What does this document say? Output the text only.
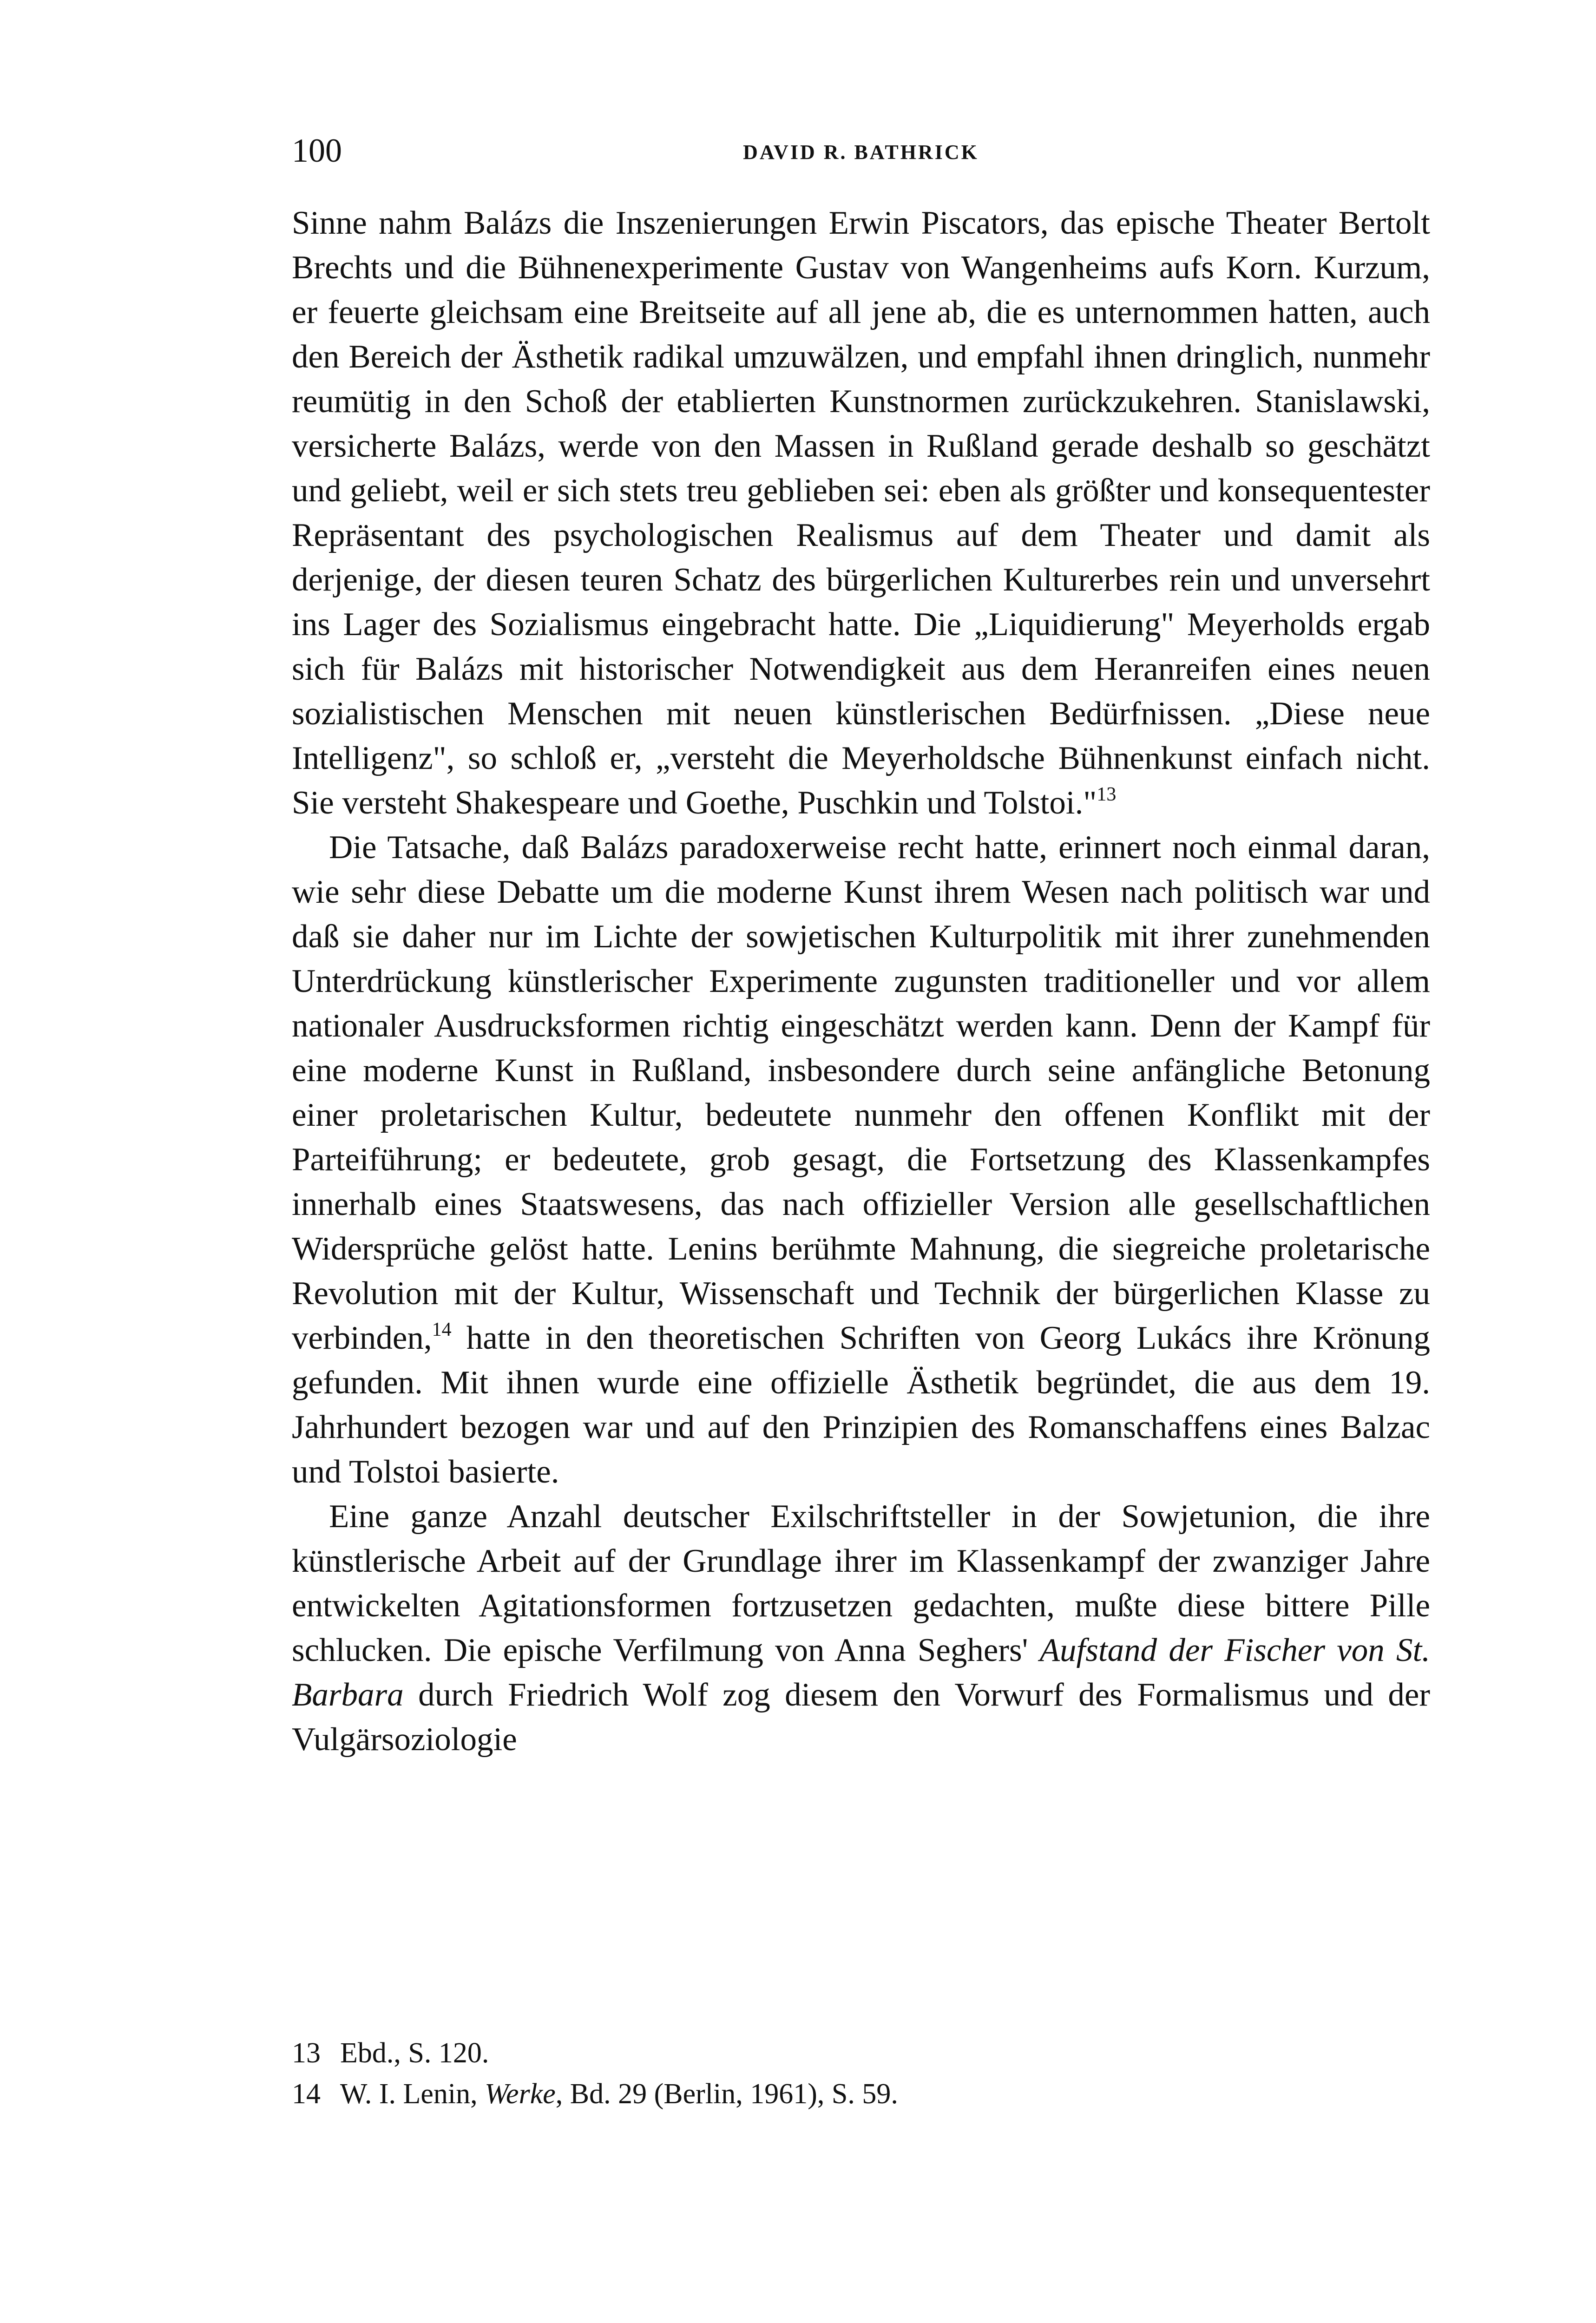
100	DAVID R. BATHRICK

Sinne nahm Balázs die Inszenierungen Erwin Piscators, das epische Theater Bertolt Brechts und die Bühnenexperimente Gustav von Wangenheims aufs Korn. Kurzum, er feuerte gleichsam eine Breitseite auf all jene ab, die es unternommen hatten, auch den Bereich der Ästhetik radikal umzuwälzen, und empfahl ihnen dringlich, nunmehr reumütig in den Schoß der etablierten Kunstnormen zurückzukehren. Stanislawski, versicherte Balázs, werde von den Massen in Rußland gerade deshalb so geschätzt und geliebt, weil er sich stets treu geblieben sei: eben als größter und konsequentester Repräsentant des psychologischen Realismus auf dem Theater und damit als derjenige, der diesen teuren Schatz des bürgerlichen Kulturerbes rein und unversehrt ins Lager des Sozialismus eingebracht hatte. Die „Liquidierung" Meyerholds ergab sich für Balázs mit historischer Notwendigkeit aus dem Heranreifen eines neuen sozialistischen Menschen mit neuen künstlerischen Bedürfnissen. „Diese neue Intelligenz", so schloß er, „versteht die Meyerholdsche Bühnenkunst einfach nicht. Sie versteht Shakespeare und Goethe, Puschkin und Tolstoi."$^{13}$

Die Tatsache, daß Balázs paradoxerweise recht hatte, erinnert noch einmal daran, wie sehr diese Debatte um die moderne Kunst ihrem Wesen nach politisch war und daß sie daher nur im Lichte der sowjetischen Kulturpolitik mit ihrer zunehmenden Unterdrückung künstlerischer Experimente zugunsten traditioneller und vor allem nationaler Ausdrucksformen richtig eingeschätzt werden kann. Denn der Kampf für eine moderne Kunst in Rußland, insbesondere durch seine anfängliche Betonung einer proletarischen Kultur, bedeutete nunmehr den offenen Konflikt mit der Parteiführung; er bedeutete, grob gesagt, die Fortsetzung des Klassenkampfes innerhalb eines Staatswesens, das nach offizieller Version alle gesellschaftlichen Widersprüche gelöst hatte. Lenins berühmte Mahnung, die siegreiche proletarische Revolution mit der Kultur, Wissenschaft und Technik der bürgerlichen Klasse zu verbinden,$^{14}$ hatte in den theoretischen Schriften von Georg Lukács ihre Krönung gefunden. Mit ihnen wurde eine offizielle Ästhetik begründet, die aus dem 19. Jahrhundert bezogen war und auf den Prinzipien des Romanschaffens eines Balzac und Tolstoi basierte.

Eine ganze Anzahl deutscher Exilschriftsteller in der Sowjetunion, die ihre künstlerische Arbeit auf der Grundlage ihrer im Klassenkampf der zwanziger Jahre entwickelten Agitationsformen fortzusetzen gedachten, mußte diese bittere Pille schlucken. Die epische Verfilmung von Anna Seghers' Aufstand der Fischer von St. Barbara durch Friedrich Wolf zog diesem den Vorwurf des Formalismus und der Vulgärsoziologie

13 Ebd., S. 120.
14 W. I. Lenin, Werke, Bd. 29 (Berlin, 1961), S. 59.
